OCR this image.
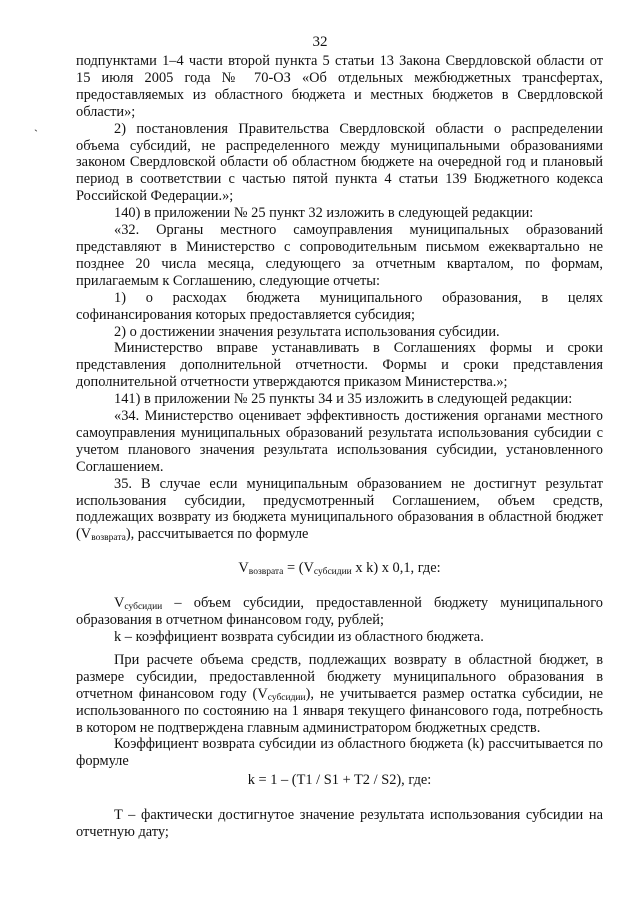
32
`

подпунктами 1–4 части второй пункта 5 статьи 13 Закона Свердловской области от 15 июля 2005 года № 70-ОЗ «Об отдельных межбюджетных трансфертах, предоставляемых из областного бюджета и местных бюджетов в Свердловской области»;

2) постановления Правительства Свердловской области о распределении объема субсидий, не распределенного между муниципальными образованиями законом Свердловской области об областном бюджете на очередной год и плановый период в соответствии с частью пятой пункта 4 статьи 139 Бюджетного кодекса Российской Федерации.»;

140) в приложении № 25 пункт 32 изложить в следующей редакции:

«32. Органы местного самоуправления муниципальных образований представляют в Министерство с сопроводительным письмом ежеквартально не позднее 20 числа месяца, следующего за отчетным кварталом, по формам, прилагаемым к Соглашению, следующие отчеты:

1) о расходах бюджета муниципального образования, в целях софинансирования которых предоставляется субсидия;

2) о достижении значения результата использования субсидии.

Министерство вправе устанавливать в Соглашениях формы и сроки представления дополнительной отчетности. Формы и сроки представления дополнительной отчетности утверждаются приказом Министерства.»;

141) в приложении № 25 пункты 34 и 35 изложить в следующей редакции:

«34. Министерство оценивает эффективность достижения органами местного самоуправления муниципальных образований результата использования субсидии с учетом планового значения результата использования субсидии, установленного Соглашением.

35. В случае если муниципальным образованием не достигнут результат использования субсидии, предусмотренный Соглашением, объем средств, подлежащих возврату из бюджета муниципального образования в областной бюджет $(V_{возврата})$, рассчитывается по формуле

$V_{возврата} = (V_{субсидии}$ x k) x 0,1, где:

$V_{субсидии}$ – объем субсидии, предоставленной бюджету муниципального образования в отчетном финансовом году, рублей;

k – коэффициент возврата субсидии из областного бюджета.

При расчете объема средств, подлежащих возврату в областной бюджет, в размере субсидии, предоставленной бюджету муниципального образования в отчетном финансовом году $(V_{субсидии})$, не учитывается размер остатка субсидии, не использованного по состоянию на 1 января текущего финансового года, потребность в котором не подтверждена главным администратором бюджетных средств.

Коэффициент возврата субсидии из областного бюджета (k) рассчитывается по формуле

k = 1 – (T1 / S1 + T2 / S2), где:

T – фактически достигнутое значение результата использования субсидии на отчетную дату;
